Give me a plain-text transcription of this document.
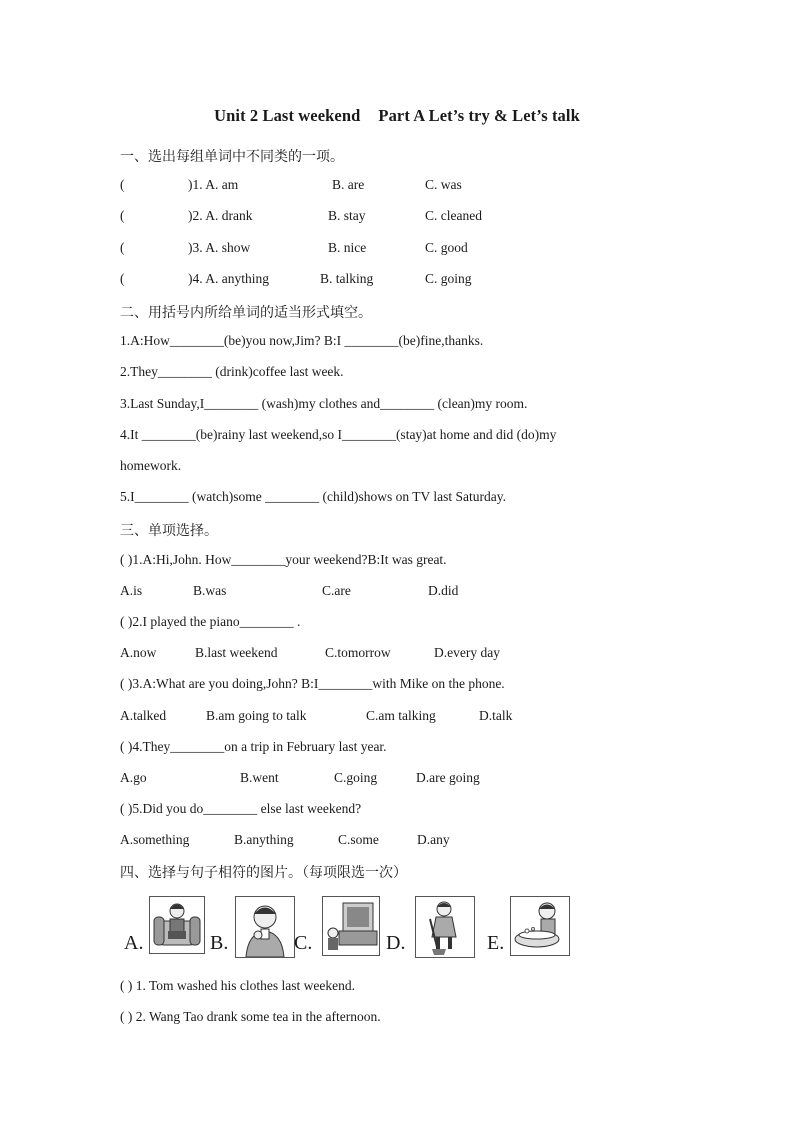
Unit 2 Last weekend Part A Let’s try & Let’s talk
一、选出每组单词中不同类的一项。
(	)1. A. am	B. are	C. was
(	)2. A. drank	B. stay	C. cleaned
(	)3. A. show	B. nice	C. good
(	)4. A. anything	B. talking	C. going
二、用括号内所给单词的适当形式填空。
1.A:How________(be)you now,Jim? B:I ________(be)fine,thanks.
2.They________ (drink)coffee last week.
3.Last Sunday,I________ (wash)my clothes and________ (clean)my room.
4.It ________(be)rainy last weekend,so I________(stay)at home and did (do)my
homework.
5.I________ (watch)some ________ (child)shows on TV last Saturday.
三、单项选择。
( )1.A:Hi,John. How________your weekend?B:It was great.
A.is	B.was	C.are	D.did
( )2.I played the piano________ .
A.now	B.last weekend	C.tomorrow	D.every day
( )3.A:What are you doing,John? B:I________with Mike on the phone.
A.talked	B.am going to talk	C.am talking	D.talk
( )4.They________on a trip in February last year.
A.go	B.went	C.going	D.are going
( )5.Did you do________ else last weekend?
A.something	B.anything	C.some	D.any
四、选择与句子相符的图片。（每项限选一次）
A.	B.	C.	D.	E.
( ) 1. Tom washed his clothes last weekend.
( ) 2. Wang Tao drank some tea in the afternoon.
